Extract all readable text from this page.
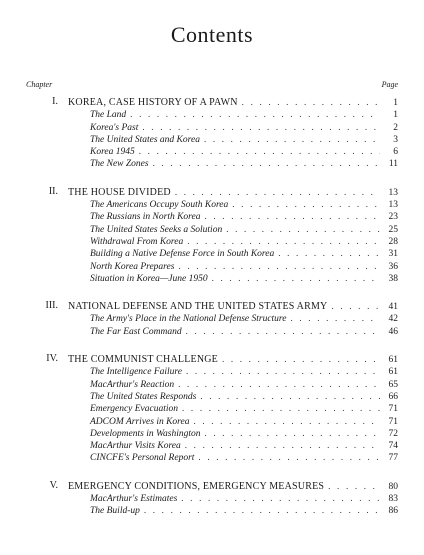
Contents
Chapter	Page
I. KOREA, CASE HISTORY OF A PAWN . . .	1
The Land . . .	1
Korea's Past . . .	2
The United States and Korea . . .	3
Korea 1945 . . .	6
The New Zones . . .	11
II. THE HOUSE DIVIDED . . .	13
The Americans Occupy South Korea . . .	13
The Russians in North Korea . . .	23
The United States Seeks a Solution . . .	25
Withdrawal From Korea . . .	28
Building a Native Defense Force in South Korea . . .	31
North Korea Prepares . . .	36
Situation in Korea—June 1950 . . .	38
III. NATIONAL DEFENSE AND THE UNITED STATES ARMY . . .	41
The Army's Place in the National Defense Structure . . .	42
The Far East Command . . .	46
IV. THE COMMUNIST CHALLENGE . . .	61
The Intelligence Failure . . .	61
MacArthur's Reaction . . .	65
The United States Responds . . .	66
Emergency Evacuation . . .	71
ADCOM Arrives in Korea . . .	71
Developments in Washington . . .	72
MacArthur Visits Korea . . .	74
CINCFE's Personal Report . . .	77
V. EMERGENCY CONDITIONS, EMERGENCY MEASURES . . .	80
MacArthur's Estimates . . .	83
The Build-up . . .	86
